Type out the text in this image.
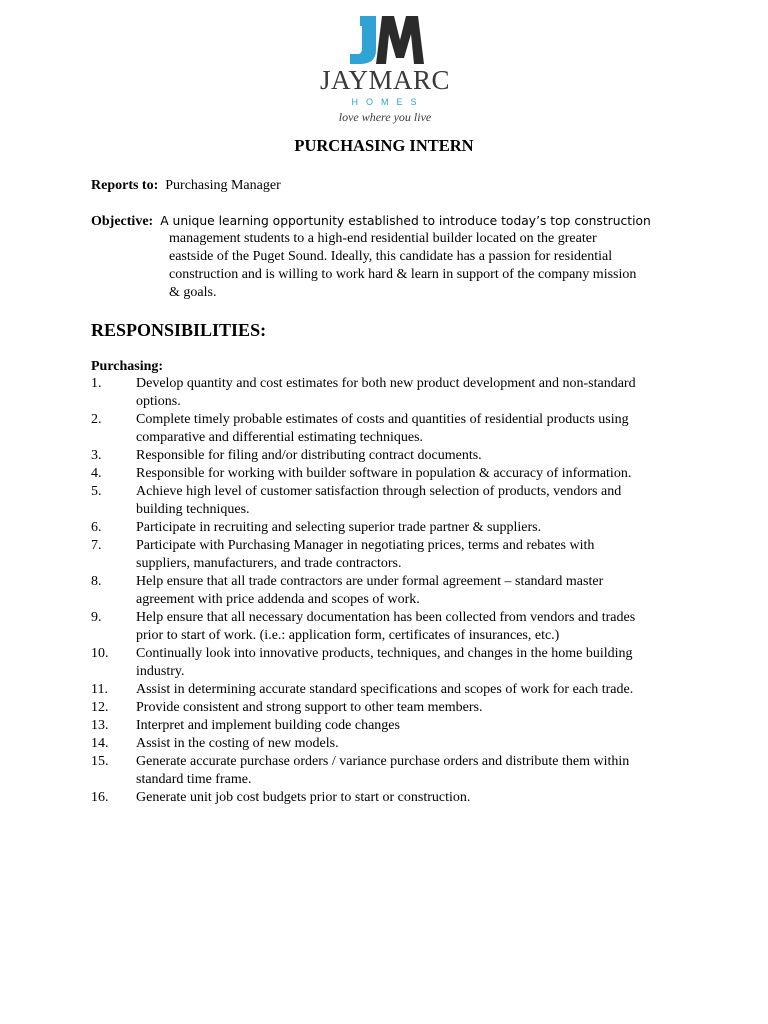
JAYMARC
HOMES
love where you live
PURCHASING INTERN
Reports to: Purchasing Manager
Objective: A unique learning opportunity established to introduce today’s top construction
management students to a high-end residential builder located on the greater
eastside of the Puget Sound. Ideally, this candidate has a passion for residential
construction and is willing to work hard & learn in support of the company mission
& goals.
RESPONSIBILITIES:
Purchasing:
1. Develop quantity and cost estimates for both new product development and non-standard
options.
2. Complete timely probable estimates of costs and quantities of residential products using
comparative and differential estimating techniques.
3. Responsible for filing and/or distributing contract documents.
4. Responsible for working with builder software in population & accuracy of information.
5. Achieve high level of customer satisfaction through selection of products, vendors and
building techniques.
6. Participate in recruiting and selecting superior trade partner & suppliers.
7. Participate with Purchasing Manager in negotiating prices, terms and rebates with
suppliers, manufacturers, and trade contractors.
8. Help ensure that all trade contractors are under formal agreement – standard master
agreement with price addenda and scopes of work.
9. Help ensure that all necessary documentation has been collected from vendors and trades
prior to start of work. (i.e.: application form, certificates of insurances, etc.)
10. Continually look into innovative products, techniques, and changes in the home building
industry.
11. Assist in determining accurate standard specifications and scopes of work for each trade.
12. Provide consistent and strong support to other team members.
13. Interpret and implement building code changes
14. Assist in the costing of new models.
15. Generate accurate purchase orders / variance purchase orders and distribute them within
standard time frame.
16. Generate unit job cost budgets prior to start or construction.
